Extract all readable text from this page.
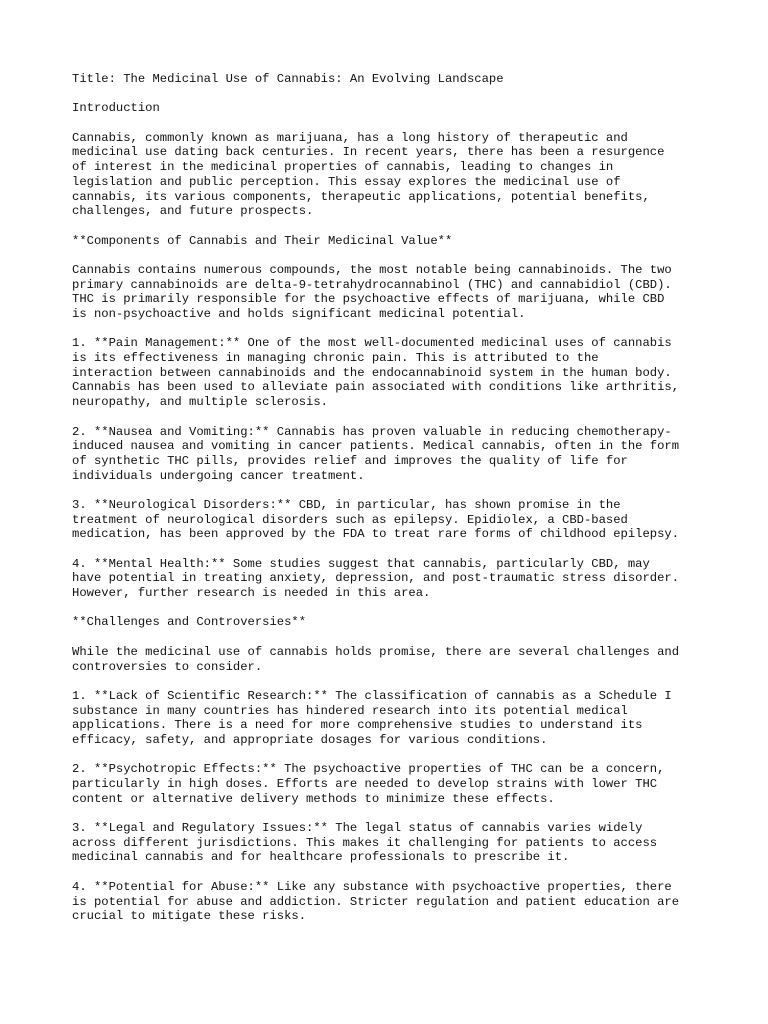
Title: The Medicinal Use of Cannabis: An Evolving Landscape
Introduction
Cannabis, commonly known as marijuana, has a long history of therapeutic and
medicinal use dating back centuries. In recent years, there has been a resurgence
of interest in the medicinal properties of cannabis, leading to changes in
legislation and public perception. This essay explores the medicinal use of
cannabis, its various components, therapeutic applications, potential benefits,
challenges, and future prospects.
**Components of Cannabis and Their Medicinal Value**
Cannabis contains numerous compounds, the most notable being cannabinoids. The two
primary cannabinoids are delta-9-tetrahydrocannabinol (THC) and cannabidiol (CBD).
THC is primarily responsible for the psychoactive effects of marijuana, while CBD
is non-psychoactive and holds significant medicinal potential.
1. **Pain Management:** One of the most well-documented medicinal uses of cannabis
is its effectiveness in managing chronic pain. This is attributed to the
interaction between cannabinoids and the endocannabinoid system in the human body.
Cannabis has been used to alleviate pain associated with conditions like arthritis,
neuropathy, and multiple sclerosis.
2. **Nausea and Vomiting:** Cannabis has proven valuable in reducing chemotherapy-
induced nausea and vomiting in cancer patients. Medical cannabis, often in the form
of synthetic THC pills, provides relief and improves the quality of life for
individuals undergoing cancer treatment.
3. **Neurological Disorders:** CBD, in particular, has shown promise in the
treatment of neurological disorders such as epilepsy. Epidiolex, a CBD-based
medication, has been approved by the FDA to treat rare forms of childhood epilepsy.
4. **Mental Health:** Some studies suggest that cannabis, particularly CBD, may
have potential in treating anxiety, depression, and post-traumatic stress disorder.
However, further research is needed in this area.
**Challenges and Controversies**
While the medicinal use of cannabis holds promise, there are several challenges and
controversies to consider.
1. **Lack of Scientific Research:** The classification of cannabis as a Schedule I
substance in many countries has hindered research into its potential medical
applications. There is a need for more comprehensive studies to understand its
efficacy, safety, and appropriate dosages for various conditions.
2. **Psychotropic Effects:** The psychoactive properties of THC can be a concern,
particularly in high doses. Efforts are needed to develop strains with lower THC
content or alternative delivery methods to minimize these effects.
3. **Legal and Regulatory Issues:** The legal status of cannabis varies widely
across different jurisdictions. This makes it challenging for patients to access
medicinal cannabis and for healthcare professionals to prescribe it.
4. **Potential for Abuse:** Like any substance with psychoactive properties, there
is potential for abuse and addiction. Stricter regulation and patient education are
crucial to mitigate these risks.
